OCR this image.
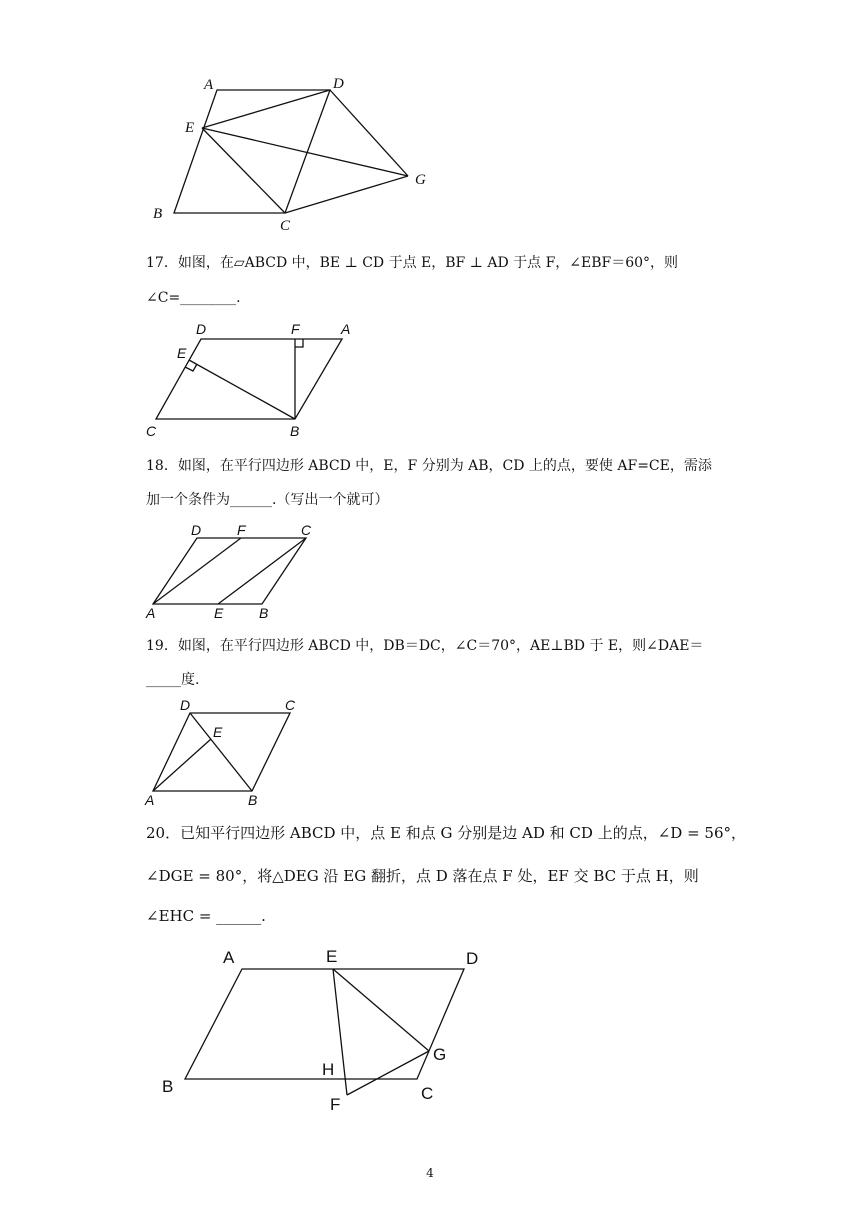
A	D
E
G
B
C
17．如图，在▱ABCD 中，BE ⊥ CD 于点 E，BF ⊥ AD 于点 F，∠EBF＝60°，则
∠C=________.
D	F	A
E
C	B
18．如图，在平行四边形 ABCD 中，E，F 分别为 AB，CD 上的点，要使 AF=CE，需添
加一个条件为______.（写出一个就可）
D	F	C
A	E	B
19．如图，在平行四边形 ABCD 中，DB＝DC，∠C＝70°，AE⊥BD 于 E，则∠DAE＝
_____度.
D	C
E
A	B
20．已知平行四边形 ABCD 中，点 E 和点 G 分别是边 AD 和 CD 上的点，∠D = 56°，
∠DGE = 80°，将△DEG 沿 EG 翻折，点 D 落在点 F 处，EF 交 BC 于点 H，则
∠EHC = ______.
A	E	D
H
G
B
F
C
4
